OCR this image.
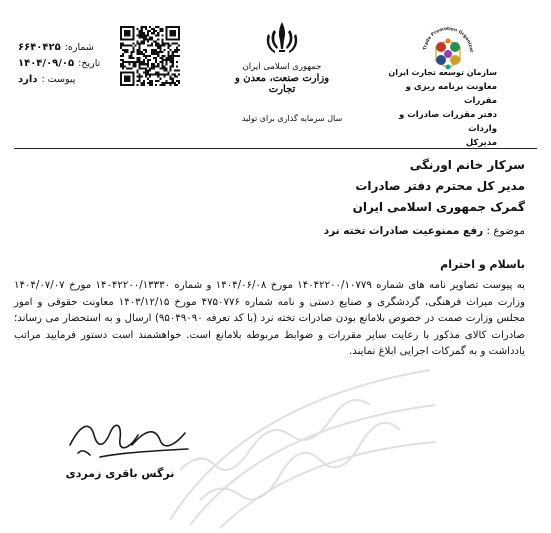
شماره:
۶۶۴۰۴۲۵
تاریخ:
۱۴۰۴/۰۹/۰۵
پیوست :
دارد
جمهوری اسلامی ایران
وزارت صنعت، معدن و تجارت
سال سرمایه گذاری برای تولید
Trade Promotion Organizat
سازمان توسعه تجارت ایران
معاونت برنامه ریزی و مقررات
دفتر مقررات صادرات و واردات
مدیرکل
سرکار خانم اورنگی
مدیر کل محترم دفتر صادرات
گمرک جمهوری اسلامی ایران
موضوع : رفع ممنوعیت صادرات تخته نرد
باسلام و احترام
به پیوست تصاویر نامه های شماره ۱۴۰۴۲۲۰۰/۱۰۷۷۹ مورخ ۱۴۰۴/۰۶/۰۸ و شماره ۱۴۰۴۲۲۰۰/۱۳۳۳۰ مورخ ۱۴۰۴/۰۷/۰۷ وزارت میراث فرهنگی، گردشگری و صنایع دستی و نامه شماره ۴۷۵۰۷۷۶ مورخ ۱۴۰۳/۱۲/۱۵ معاونت حقوقی و امور مجلس وزارت صمت در خصوص بلامانع بودن صادرات تخته نرد (با کد تعرفه ۹۵۰۴۹۰۹۰) ارسال و به استحضار می رساند؛ صادرات کالای مذکور با رعایت سایر مقررات و ضوابط مربوطه بلامانع است. خواهشمند است دستور فرمایید مراتب یادداشت و به گمرکات اجرایی ابلاغ نمایند.
نرگس باقری زمردی
